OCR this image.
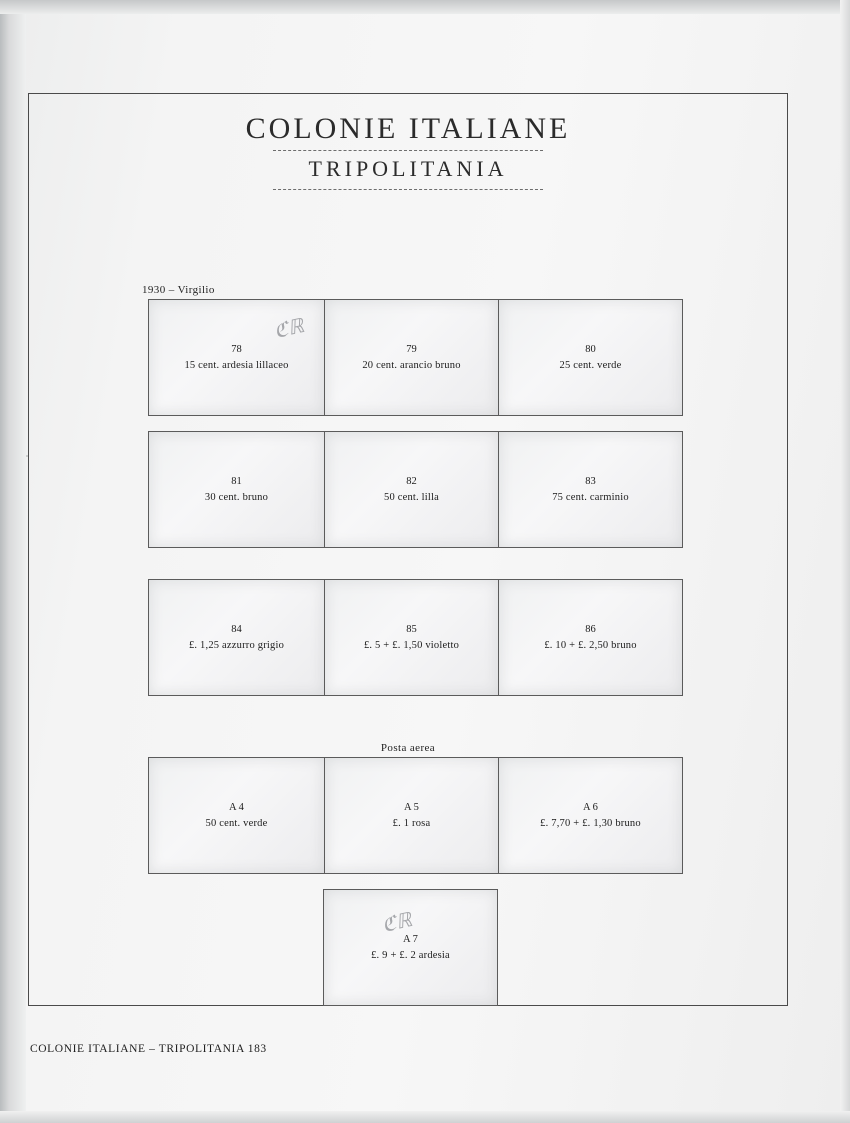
COLONIE ITALIANE
TRIPOLITANIA
1930 – Virgilio
78
15 cent. ardesia lillaceo
ℭℝ
79
20 cent. arancio bruno
80
25 cent. verde
81
30 cent. bruno
82
50 cent. lilla
83
75 cent. carminio
84
£. 1,25 azzurro grigio
85
£. 5 + £. 1,50 violetto
86
£. 10 + £. 2,50 bruno
Posta aerea
A 4
50 cent. verde
A 5
£. 1 rosa
A 6
£. 7,70 + £. 1,30 bruno
A 7
£. 9 + £. 2 ardesia
ℭℝ
COLONIE ITALIANE – TRIPOLITANIA 183
